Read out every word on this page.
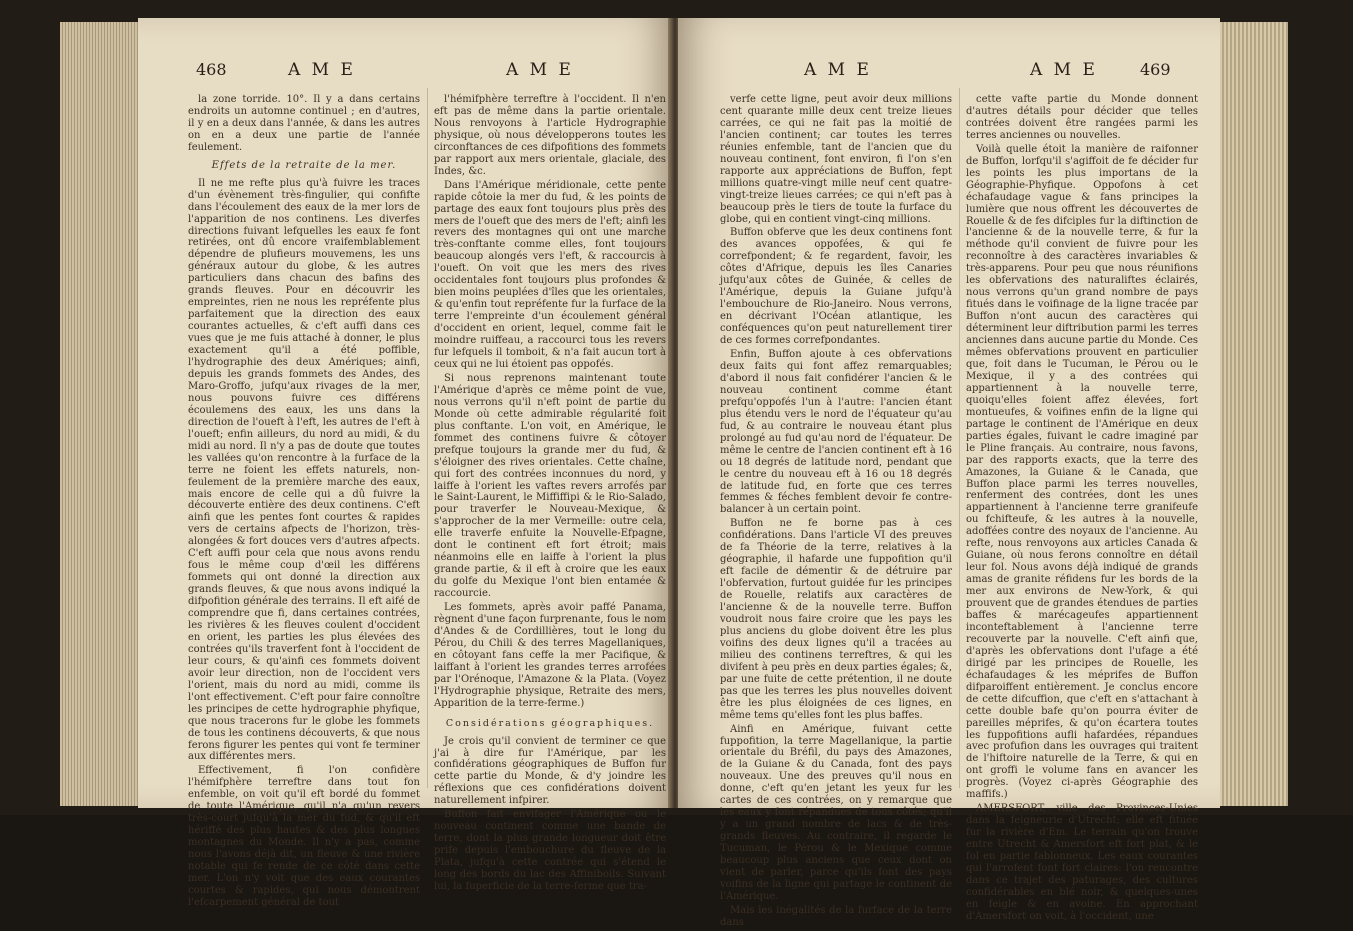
468	A M E	A M E

la zone torride. 10°. Il y a dans certains endroits un automne continuel ; en d'autres, il y en a deux dans l'année, & dans les autres on en a deux une partie de l'année feulement.

Effets de la retraite de la mer.

Il ne me refte plus qu'à fuivre les traces d'un évènement très-fingulier, qui confifte dans l'écoulement des eaux de la mer lors de l'apparition de nos continens. Les diverfes directions fuivant lefquelles les eaux fe font retirées, ont dû encore vraifemblablement dépendre de plufieurs mouvemens, les uns généraux autour du globe, & les autres particuliers dans chacun des bafins des grands fleuves. Pour en découvrir les empreintes, rien ne nous les repréfente plus parfaitement que la direction des eaux courantes actuelles, & c'eft auffi dans ces vues que je me fuis attaché à donner, le plus exactement qu'il a été poffible, l'hydrographie des deux Amériques; ainfi, depuis les grands fommets des Andes, des Maro-Groffo, jufqu'aux rivages de la mer, nous pouvons fuivre ces différens écoulemens des eaux, les uns dans la direction de l'oueft à l'eft, les autres de l'eft à l'oueft; enfin ailleurs, du nord au midi, & du midi au nord. Il n'y a pas de doute que toutes les vallées qu'on rencontre à la furface de la terre ne foient les effets naturels, non-feulement de la première marche des eaux, mais encore de celle qui a dû fuivre la découverte entière des deux continens. C'eft ainfi que les pentes font courtes & rapides vers de certains afpects de l'horizon, très-alongées & fort douces vers d'autres afpects. C'eft auffi pour cela que nous avons rendu fous le même coup d'œil les différens fommets qui ont donné la direction aux grands fleuves, & que nous avons indiqué la difpofition générale des terrains. Il eft aifé de comprendre que fi, dans certaines contrées, les rivières & les fleuves coulent d'occident en orient, les parties les plus élevées des contrées qu'ils traverfent font à l'occident de leur cours, & qu'ainfi ces fommets doivent avoir leur direction, non de l'occident vers l'orient, mais du nord au midi, comme ils l'ont effectivement. C'eft pour faire connoître les principes de cette hydrographie phyfique, que nous tracerons fur le globe les fommets de tous les continens découverts, & que nous ferons figurer les pentes qui vont fe terminer aux différentes mers.

Effectivement, fi l'on confidère l'hémifphère terreftre dans tout fon enfemble, on voit qu'il eft bordé du fommet de toute l'Amérique, qu'il n'a qu'un revers très-court jufqu'à la mer du fud, & qu'il eft hériffé des plus hautes & des plus longues montagnes du Monde. Il n'y a pas, comme nous l'avons déjà dit, un fleuve & une rivière notable qui fe rende de ce côté dans cette mer. L'on n'y voit que des eaux courantes courtes & rapides, qui nous démontrent l'efcarpement général de tout

l'hémifphère terreftre à l'occident. Il n'en eft pas de même dans la partie orientale. Nous renvoyons à l'article Hydrographie physique, où nous développerons toutes les circonftances de ces difpofitions des fommets par rapport aux mers orientale, glaciale, des Indes, &c.

Dans l'Amérique méridionale, cette pente rapide côtoie la mer du fud, & les points de partage des eaux font toujours plus près des mers de l'oueft que des mers de l'eft; ainfi les revers des montagnes qui ont une marche très-conftante comme elles, font toujours beaucoup alongés vers l'eft, & raccourcis à l'oueft. On voit que les mers des rives occidentales font toujours plus profondes & bien moins peuplées d'îles que les orientales, & qu'enfin tout repréfente fur la furface de la terre l'empreinte d'un écoulement général d'occident en orient, lequel, comme fait le moindre ruiffeau, a raccourci tous les revers fur lefquels il tomboit, & n'a fait aucun tort à ceux qui ne lui étoient pas oppofés.

Si nous reprenons maintenant toute l'Amérique d'après ce même point de vue, nous verrons qu'il n'eft point de partie du Monde où cette admirable régularité foit plus conftante. L'on voit, en Amérique, le fommet des continens fuivre & côtoyer prefque toujours la grande mer du fud, & s'éloigner des rives orientales. Cette chaîne, qui fort des contrées inconnues du nord, y laiffe à l'orient les vaftes revers arrofés par le Saint-Laurent, le Miffiffipi & le Rio-Salado, pour traverfer le Nouveau-Mexique, & s'approcher de la mer Vermeille: outre cela, elle traverfe enfuite la Nouvelle-Efpagne, dont le continent eft fort étroit; mais néanmoins elle en laiffe à l'orient la plus grande partie, & il eft à croire que les eaux du golfe du Mexique l'ont bien entamée & raccourcie.

Les fommets, après avoir paffé Panama, règnent d'une façon furprenante, fous le nom d'Andes & de Cordillières, tout le long du Pérou, du Chili & des terres Magellaniques, en côtoyant fans ceffe la mer Pacifique, & laiffant à l'orient les grandes terres arrofées par l'Orénoque, l'Amazone & la Plata. (Voyez l'Hydrographie physique, Retraite des mers, Apparition de la terre-ferme.)

Considérations géographiques.

Je crois qu'il convient de terminer ce que j'ai à dire fur l'Amérique, par les confidérations géographiques de Buffon fur cette partie du Monde, & d'y joindre les réflexions que ces confidérations doivent naturellement infpirer.

Buffon fait envifager l'Amérique ou le nouveau continent comme une bande de terre, dont la plus grande longueur doit être prife depuis l'embouchure du fleuve de la Plata, jufqu'à cette contrée qui s'étend le long des bords du lac des Affiniboils. Suivant lui, la fuperficie de la terre-ferme que tra-

A M E	A M E	469

verfe cette ligne, peut avoir deux millions cent quarante mille deux cent treize lieues carrées, ce qui ne fait pas la moitié de l'ancien continent; car toutes les terres réunies enfemble, tant de l'ancien que du nouveau continent, font environ, fi l'on s'en rapporte aux appréciations de Buffon, fept millions quatre-vingt mille neuf cent quatre-vingt-treize lieues carrées; ce qui n'eft pas à beaucoup près le tiers de toute la furface du globe, qui en contient vingt-cinq millions.

Buffon obferve que les deux continens font des avances oppofées, & qui fe correfpondent; & fe regardent, favoir, les côtes d'Afrique, depuis les îles Canaries jufqu'aux côtes de Guinée, & celles de l'Amérique, depuis la Guiane jufqu'à l'embouchure de Rio-Janeiro. Nous verrons, en décrivant l'Océan atlantique, les conféquences qu'on peut naturellement tirer de ces formes correfpondantes.

Enfin, Buffon ajoute à ces obfervations deux faits qui font affez remarquables; d'abord il nous fait confidérer l'ancien & le nouveau continent comme étant prefqu'oppofés l'un à l'autre: l'ancien étant plus étendu vers le nord de l'équateur qu'au fud, & au contraire le nouveau étant plus prolongé au fud qu'au nord de l'équateur. De même le centre de l'ancien continent eft à 16 ou 18 degrés de latitude nord, pendant que le centre du nouveau eft à 16 ou 18 degrés de latitude fud, en forte que ces terres femmes & féches femblent devoir fe contre-balancer à un certain point.

Buffon ne fe borne pas à ces confidérations. Dans l'article VI des preuves de fa Théorie de la terre, relatives à la géographie, il hafarde une fuppofition qu'il eft facile de démentir & de détruire par l'obfervation, furtout guidée fur les principes de Rouelle, relatifs aux caractères de l'ancienne & de la nouvelle terre. Buffon voudroit nous faire croire que les pays les plus anciens du globe doivent être les plus voifins des deux lignes qu'il a tracées au milieu des continens terreftres, & qui les divifent à peu près en deux parties égales; &, par une fuite de cette prétention, il ne doute pas que les terres les plus nouvelles doivent être les plus éloignées de ces lignes, en même tems qu'elles font les plus baffes.

Ainfi en Amérique, fuivant cette fuppofition, la terre Magellanique, la partie orientale du Bréfil, du pays des Amazones, de la Guiane & du Canada, font des pays nouveaux. Une des preuves qu'il nous en donne, c'eft qu'en jetant les yeux fur les cartes de ces contrées, on y remarque que les eaux y font répandues de tous côtés; qu'il y a un grand nombre de lacs & de très-grands fleuves. Au contraire, il regarde le Tucuman, le Pérou & le Mexique comme beaucoup plus anciens que ceux dont on vient de parler, parce qu'ils font des pays voifins de la ligne qui partage le continent de l'Amérique.

Mais les inégalités de la furface de la terre dans

cette vafte partie du Monde donnent d'autres détails pour décider que telles contrées doivent être rangées parmi les terres anciennes ou nouvelles.

Voilà quelle étoit la manière de raifonner de Buffon, lorfqu'il s'agiffoit de fe décider fur les points les plus importans de la Géographie-Phyfique. Oppofons à cet échafaudage vague & fans principes la lumière que nous offrent les découvertes de Rouelle & de fes difciples fur la diftinction de l'ancienne & de la nouvelle terre, & fur la méthode qu'il convient de fuivre pour les reconnoître à des caractères invariables & très-apparens. Pour peu que nous réunifions les obfervations des naturaliftes éclairés, nous verrons qu'un grand nombre de pays fitués dans le voifinage de la ligne tracée par Buffon n'ont aucun des caractères qui déterminent leur diftribution parmi les terres anciennes dans aucune partie du Monde. Ces mêmes obfervations prouvent en particulier que, foit dans le Tucuman, le Pérou ou le Mexique, il y a des contrées qui appartiennent à la nouvelle terre, quoiqu'elles foient affez élevées, fort montueufes, & voifines enfin de la ligne qui partage le continent de l'Amérique en deux parties égales, fuivant le cadre imaginé par le Pline français. Au contraire, nous favons, par des rapports exacts, que la terre des Amazones, la Guiane & le Canada, que Buffon place parmi les terres nouvelles, renferment des contrées, dont les unes appartiennent à l'ancienne terre granifeufe ou fchifteufe, & les autres à la nouvelle, adoffées contre des noyaux de l'ancienne. Au refte, nous renvoyons aux articles Canada & Guiane, où nous ferons connoître en détail leur fol. Nous avons déjà indiqué de grands amas de granite réfidens fur les bords de la mer aux environs de New-York, & qui prouvent que de grandes étendues de parties baffes & marécageufes appartiennent inconteftablement à l'ancienne terre recouverte par la nouvelle. C'eft ainfi que, d'après les obfervations dont l'ufage a été dirigé par les principes de Rouelle, les échafaudages & les méprifes de Buffon difparoiffent entièrement. Je conclus encore de cette difcuffion, que c'eft en s'attachant à cette double bafe qu'on pourra éviter de pareilles méprifes, & qu'on écartera toutes les fuppofitions aufli hafardées, répandues avec profufion dans les ouvrages qui traitent de l'hiftoire naturelle de la Terre, & qui en ont groffi le volume fans en avancer les progrès. (Voyez ci-après Géographie des maffifs.)

AMERSFORT, ville des Provinces-Unies dans la feigneurie d'Utrecht; elle eft fituée fur la rivière d'Em. Le terrain qu'on trouve entre Utrecht & Amersfort eft fort plat, & le fol en partie fablonneux. Les eaux courantes qui l'arrofent font fort claires: l'on rencontre dans ce trajet des paturages, des cultures confidérables en blé noir, & quelques-unes en feigle & en avoine. En approchant d'Amersfort on voit, à l'occident, une
